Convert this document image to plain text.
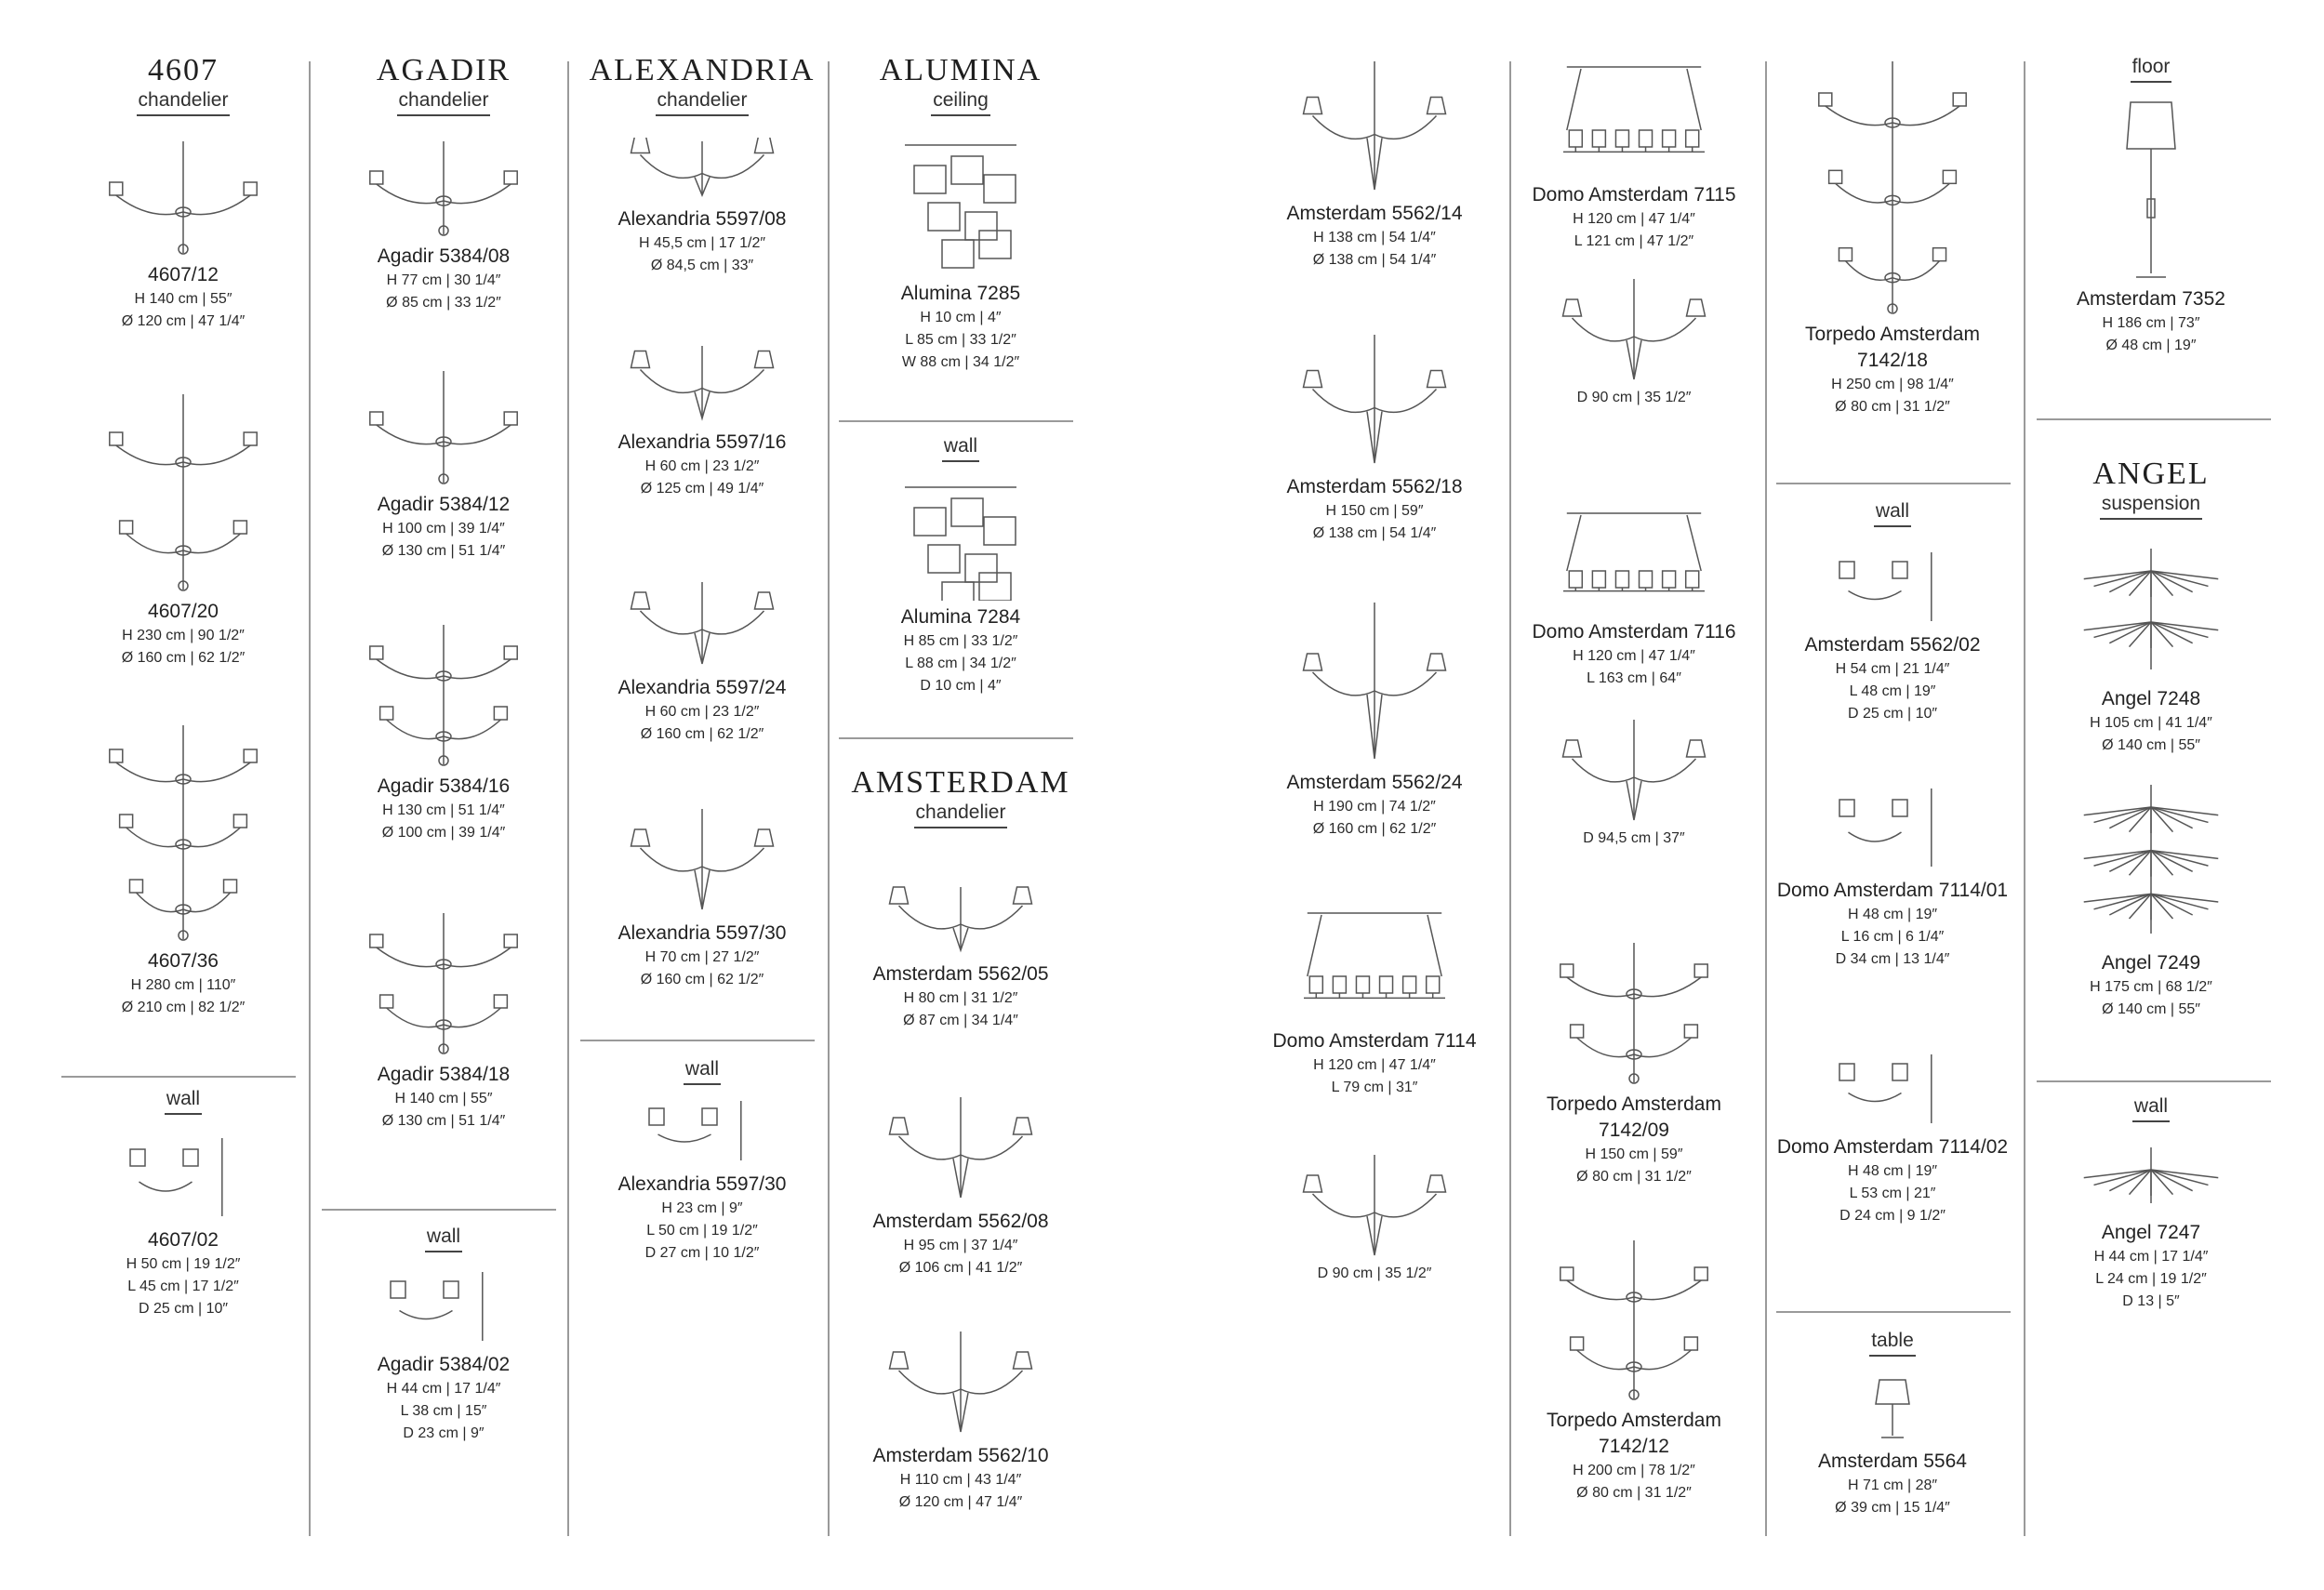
4607
chandelier
wall
AGADIR
chandelier
wall
ALEXANDRIA
chandelier
wall
ALUMINA
ceiling
wall
AMSTERDAM
chandelier
wall
table
floor
ANGEL
suspension
wall
4607/12
H 140 cm | 55″
Ø 120 cm | 47 1/4″
4607/20
H 230 cm | 90 1/2″
Ø 160 cm | 62 1/2″
4607/36
H 280 cm | 110″
Ø 210 cm | 82 1/2″
4607/02
H 50 cm | 19 1/2″
L 45 cm | 17 1/2″
D 25 cm | 10″
Agadir 5384/08
H 77 cm | 30 1/4″
Ø 85 cm | 33 1/2″
Agadir 5384/12
H 100 cm | 39 1/4″
Ø 130 cm | 51 1/4″
Agadir 5384/16
H 130 cm | 51 1/4″
Ø 100 cm | 39 1/4″
Agadir 5384/18
H 140 cm | 55″
Ø 130 cm | 51 1/4″
Agadir 5384/02
H 44 cm | 17 1/4″
L 38 cm | 15″
D 23 cm | 9″
Alexandria 5597/08
H 45,5 cm | 17 1/2″
Ø 84,5 cm | 33″
Alexandria 5597/16
H 60 cm | 23 1/2″
Ø 125 cm | 49 1/4″
Alexandria 5597/24
H 60 cm | 23 1/2″
Ø 160 cm | 62 1/2″
Alexandria 5597/30
H 70 cm | 27 1/2″
Ø 160 cm | 62 1/2″
Alexandria 5597/30
H 23 cm | 9″
L 50 cm | 19 1/2″
D 27 cm | 10 1/2″
Alumina 7285
H 10 cm | 4″
L 85 cm | 33 1/2″
W 88 cm | 34 1/2″
Alumina 7284
H 85 cm | 33 1/2″
L 88 cm | 34 1/2″
D 10 cm | 4″
Amsterdam 5562/05
H 80 cm | 31 1/2″
Ø 87 cm | 34 1/4″
Amsterdam 5562/08
H 95 cm | 37 1/4″
Ø 106 cm | 41 1/2″
Amsterdam 5562/10
H 110 cm | 43 1/4″
Ø 120 cm | 47 1/4″
Amsterdam 5562/14
H 138 cm | 54 1/4″
Ø 138 cm | 54 1/4″
Amsterdam 5562/18
H 150 cm | 59″
Ø 138 cm | 54 1/4″
Amsterdam 5562/24
H 190 cm | 74 1/2″
Ø 160 cm | 62 1/2″
Domo Amsterdam 7114
H 120 cm | 47 1/4″
L 79 cm | 31″
D 90 cm | 35 1/2″
Domo Amsterdam 7115
H 120 cm | 47 1/4″
L 121 cm | 47 1/2″
D 90 cm | 35 1/2″
Domo Amsterdam 7116
H 120 cm | 47 1/4″
L 163 cm | 64″
D 94,5 cm | 37″
Torpedo Amsterdam 7142/09
H 150 cm | 59″
Ø 80 cm | 31 1/2″
Torpedo Amsterdam 7142/12
H 200 cm | 78 1/2″
Ø 80 cm | 31 1/2″
Torpedo Amsterdam 7142/18
H 250 cm | 98 1/4″
Ø 80 cm | 31 1/2″
Amsterdam 5562/02
H 54 cm | 21 1/4″
L 48 cm | 19″
D 25 cm | 10″
Domo Amsterdam 7114/01
H 48 cm | 19″
L 16 cm | 6 1/4″
D 34 cm | 13 1/4″
Domo Amsterdam 7114/02
H 48 cm | 19″
L 53 cm | 21″
D 24 cm | 9 1/2″
Amsterdam 5564
H 71 cm | 28″
Ø 39 cm | 15 1/4″
Amsterdam 7352
H 186 cm | 73″
Ø 48 cm | 19″
Angel 7248
H 105 cm | 41 1/4″
Ø 140 cm | 55″
Angel 7249
H 175 cm | 68 1/2″
Ø 140 cm | 55″
Angel 7247
H 44 cm | 17 1/4″
L 24 cm | 19 1/2″
D 13 | 5″
